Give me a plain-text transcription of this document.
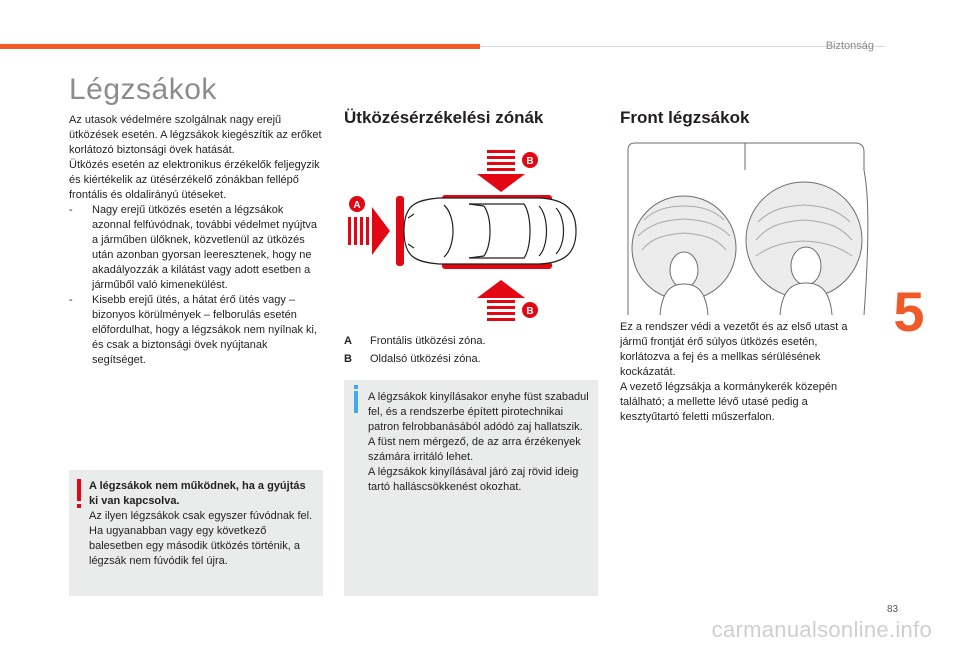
Biztonság
5
83
carmanualsonline.info
Légzsákok

Az utasok védelmére szolgálnak nagy erejű ütközések esetén. A légzsákok kiegészítik az erőket korlátozó biztonsági övek hatását.
Ütközés esetén az elektronikus érzékelők feljegyzik és kiértékelik az ütésérzékelő zónákban fellépő frontális és oldalirányú ütéseket.

- Nagy erejű ütközés esetén a légzsákok azonnal felfúvódnak, további védelmet nyújtva a járműben ülőknek, közvetlenül az ütközés után azonban gyorsan leeresztenek, hogy ne akadályozzák a kilátást vagy adott esetben a járműből való kimenekülést.
- Kisebb erejű ütés, a hátat érő ütés vagy – bizonyos körülmények – felborulás esetén előfordulhat, hogy a légzsákok nem nyílnak ki, és csak a biztonsági övek nyújtanak segítséget.
A légzsákok nem működnek, ha a gyújtás ki van kapcsolva.

Az ilyen légzsákok csak egyszer fúvódnak fel. Ha ugyanabban vagy egy következő balesetben egy második ütközés történik, a légzsák nem fúvódik fel újra.

Ütközésérzékelési zónák
B
B
A
A	Frontális ütközési zóna.
B	Oldalsó ütközési zóna.

A légzsákok kinyílásakor enyhe füst szabadul fel, és a rendszerbe épített pirotechnikai patron felrobbanásából adódó zaj hallatszik.
A füst nem mérgező, de az arra érzékenyek számára irritáló lehet.
A légzsákok kinyílásával járó zaj rövid ideig tartó halláscsökkenést okozhat.

Front légzsákok

Ez a rendszer védi a vezetőt és az első utast a jármű frontját érő súlyos ütközés esetén, korlátozva a fej és a mellkas sérülésének kockázatát.
A vezető légzsákja a kormánykerék közepén található; a mellette lévő utasé pedig a kesztyűtartó feletti műszerfalon.
